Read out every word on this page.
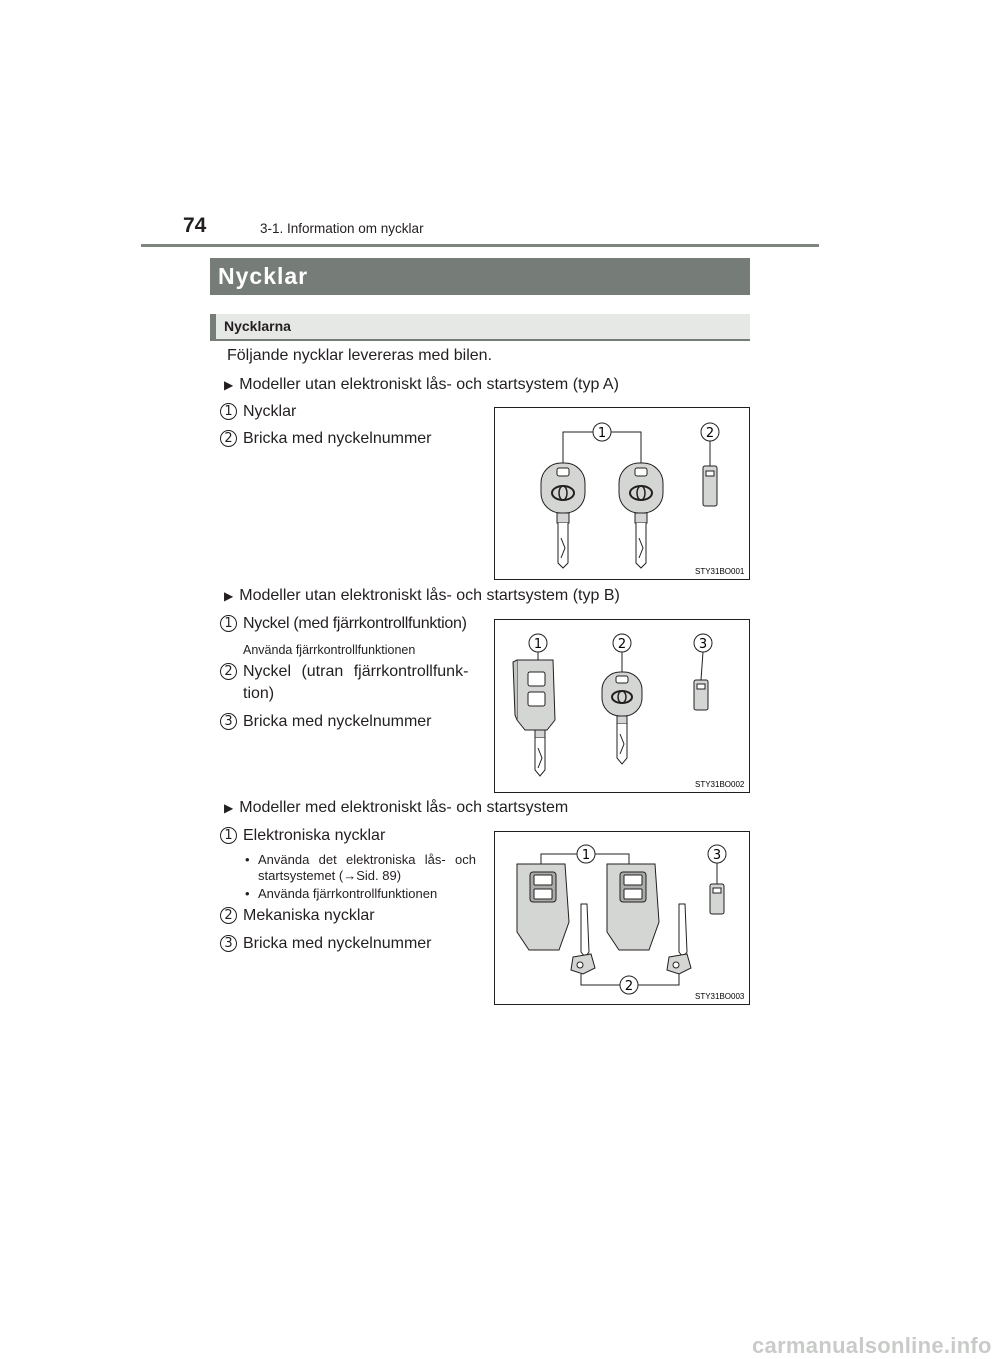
74	3-1. Information om nycklar
Nycklar
Nycklarna
Följande nycklar levereras med bilen.
▶ Modeller utan elektroniskt lås- och startsystem (typ A)
1 Nycklar
2 Bricka med nyckelnummer	1	2
STY31BO001
▶ Modeller utan elektroniskt lås- och startsystem (typ B)
1 Nyckel (med fjärrkontrollfunktion)
Använda fjärrkontrollfunktionen
2 Nyckel (utran fjärrkontrollfunk-
tion)
3 Bricka med nyckelnummer
1	2	3
STY31BO002
▶ Modeller med elektroniskt lås- och startsystem
1 Elektroniska nycklar
• Använda det elektroniska lås- och startsystemet (→Sid. 89)
• Använda fjärrkontrollfunktionen
2 Mekaniska nycklar
3 Bricka med nyckelnummer
1	3
2
STY31BO003
carmanualsonline.info
